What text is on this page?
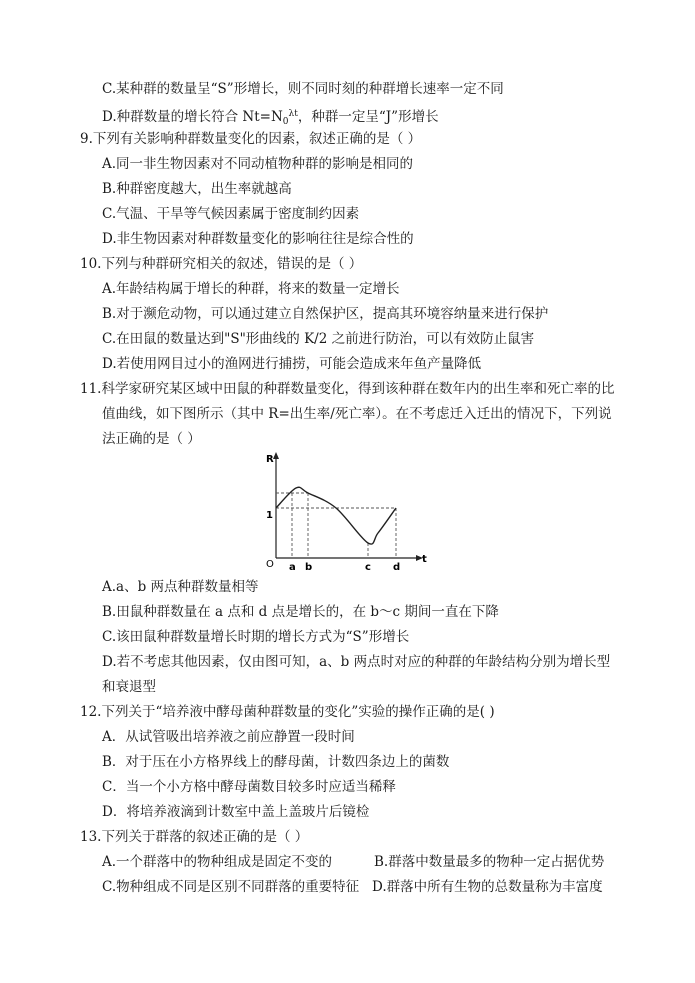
C.某种群的数量呈“S”形增长，则不同时刻的种群增长速率一定不同
D.种群数量的增长符合 $Nt=N_0^{\lambda t}$，种群一定呈“J”形增长
9.下列有关影响种群数量变化的因素，叙述正确的是（ ）
A.同一非生物因素对不同动植物种群的影响是相同的
B.种群密度越大，出生率就越高
C.气温、干旱等气候因素属于密度制约因素
D.非生物因素对种群数量变化的影响往往是综合性的
10.下列与种群研究相关的叙述，错误的是（ ）
A.年龄结构属于增长的种群，将来的数量一定增长
B.对于濒危动物，可以通过建立自然保护区，提高其环境容纳量来进行保护
C.在田鼠的数量达到"S"形曲线的 K/2 之前进行防治，可以有效防止鼠害
D.若使用网目过小的渔网进行捕捞，可能会造成来年鱼产量降低
11.科学家研究某区域中田鼠的种群数量变化，得到该种群在数年内的出生率和死亡率的比
值曲线，如下图所示（其中 R=出生率/死亡率）。在不考虑迁入迁出的情况下，下列说
法正确的是（ ）
R
t
O
1
a b	c d
A.a、b 两点种群数量相等
B.田鼠种群数量在 a 点和 d 点是增长的，在 b～c 期间一直在下降
C.该田鼠种群数量增长时期的增长方式为“S”形增长
D.若不考虑其他因素，仅由图可知，a、b 两点时对应的种群的年龄结构分别为增长型
和衰退型
12.下列关于“培养液中酵母菌种群数量的变化”实验的操作正确的是( )
A．从试管吸出培养液之前应静置一段时间
B．对于压在小方格界线上的酵母菌，计数四条边上的菌数
C．当一个小方格中酵母菌数目较多时应适当稀释
D．将培养液滴到计数室中盖上盖玻片后镜检
13.下列关于群落的叙述正确的是（ ）
A.一个群落中的物种组成是固定不变的	B.群落中数量最多的物种一定占据优势
C.物种组成不同是区别不同群落的重要特征 D.群落中所有生物的总数量称为丰富度
